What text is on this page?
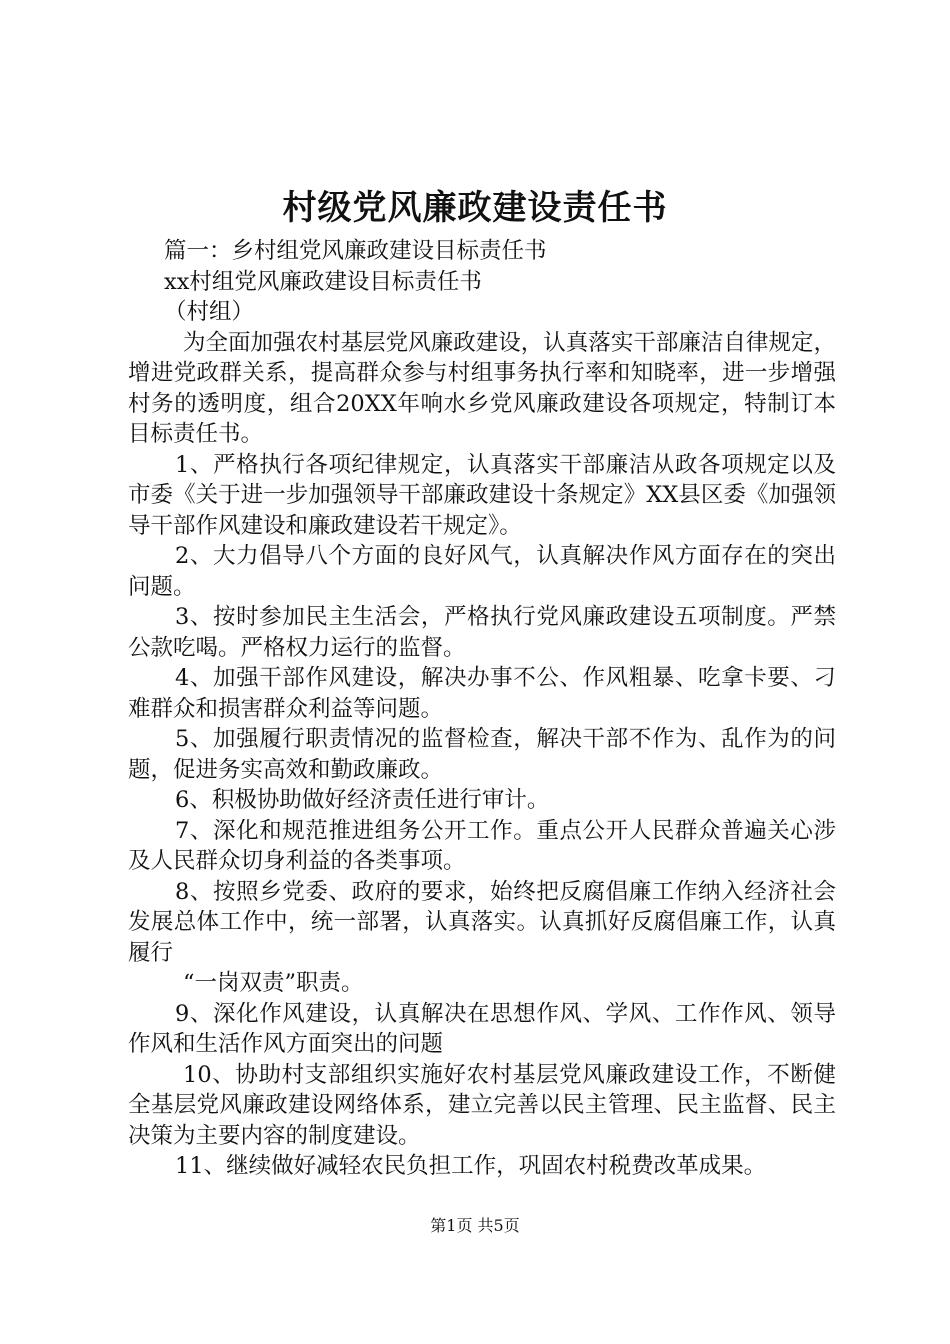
村级党风廉政建设责任书

篇一：乡村组党风廉政建设目标责任书

xx村组党风廉政建设目标责任书

（村组）

为全面加强农村基层党风廉政建设，认真落实干部廉洁自律规定，增进党政群关系，提高群众参与村组事务执行率和知晓率，进一步增强村务的透明度，组合20XX年响水乡党风廉政建设各项规定，特制订本目标责任书。

1、严格执行各项纪律规定，认真落实干部廉洁从政各项规定以及市委《关于进一步加强领导干部廉政建设十条规定》XX县区委《加强领导干部作风建设和廉政建设若干规定》。

2、大力倡导八个方面的良好风气，认真解决作风方面存在的突出问题。

3、按时参加民主生活会，严格执行党风廉政建设五项制度。严禁公款吃喝。严格权力运行的监督。

4、加强干部作风建设，解决办事不公、作风粗暴、吃拿卡要、刁难群众和损害群众利益等问题。

5、加强履行职责情况的监督检查，解决干部不作为、乱作为的问题，促进务实高效和勤政廉政。

6、积极协助做好经济责任进行审计。

7、深化和规范推进组务公开工作。重点公开人民群众普遍关心涉及人民群众切身利益的各类事项。

8、按照乡党委、政府的要求，始终把反腐倡廉工作纳入经济社会发展总体工作中，统一部署，认真落实。认真抓好反腐倡廉工作，认真履行

“一岗双责”职责。

9、深化作风建设，认真解决在思想作风、学风、工作作风、领导作风和生活作风方面突出的问题

10、协助村支部组织实施好农村基层党风廉政建设工作，不断健全基层党风廉政建设网络体系，建立完善以民主管理、民主监督、民主决策为主要内容的制度建设。

11、继续做好减轻农民负担工作，巩固农村税费改革成果。

第1页 共5页
